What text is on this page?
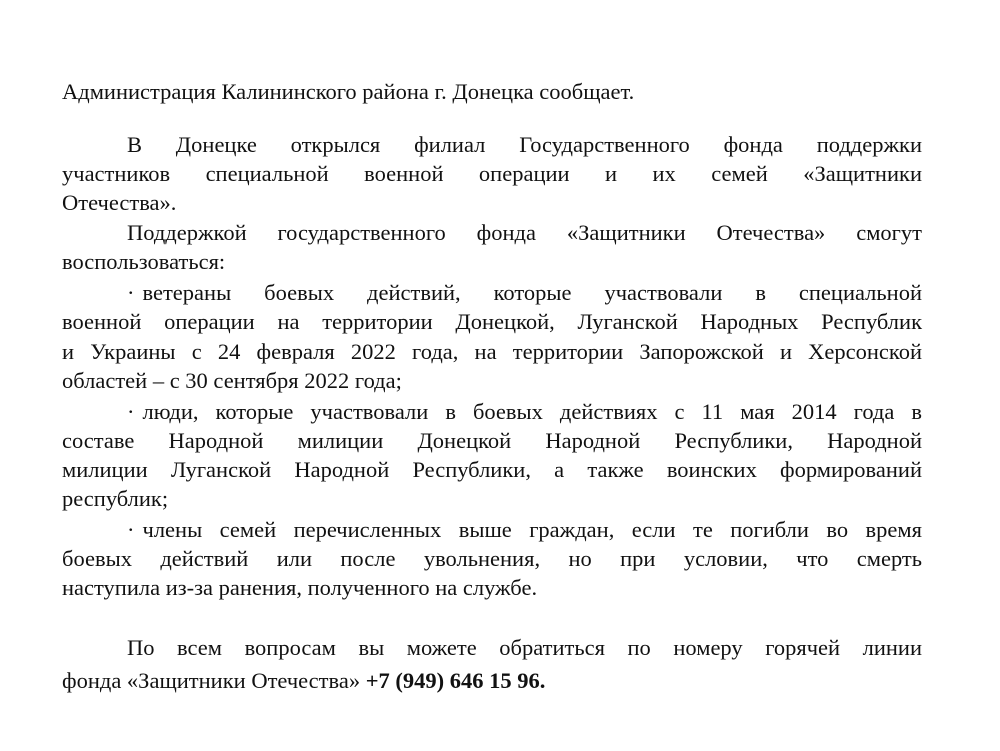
Администрация Калининского района г. Донецка сообщает.
В Донецке открылся филиал Государственного фонда поддержки
участников специальной военной операции и их семей «Защитники
Отечества».
Поддержкой государственного фонда «Защитники Отечества» смогут
воспользоваться:
· ветераны боевых действий, которые участвовали в специальной
военной операции на территории Донецкой, Луганской Народных Республик
и Украины с 24 февраля 2022 года, на территории Запорожской и Херсонской
областей – с 30 сентября 2022 года;
· люди, которые участвовали в боевых действиях с 11 мая 2014 года в
составе Народной милиции Донецкой Народной Республики, Народной
милиции Луганской Народной Республики, а также воинских формирований
республик;
· члены семей перечисленных выше граждан, если те погибли во время
боевых действий или после увольнения, но при условии, что смерть
наступила из-за ранения, полученного на службе.
По всем вопросам вы можете обратиться по номеру горячей линии
фонда «Защитники Отечества» +7 (949) 646 15 96.
